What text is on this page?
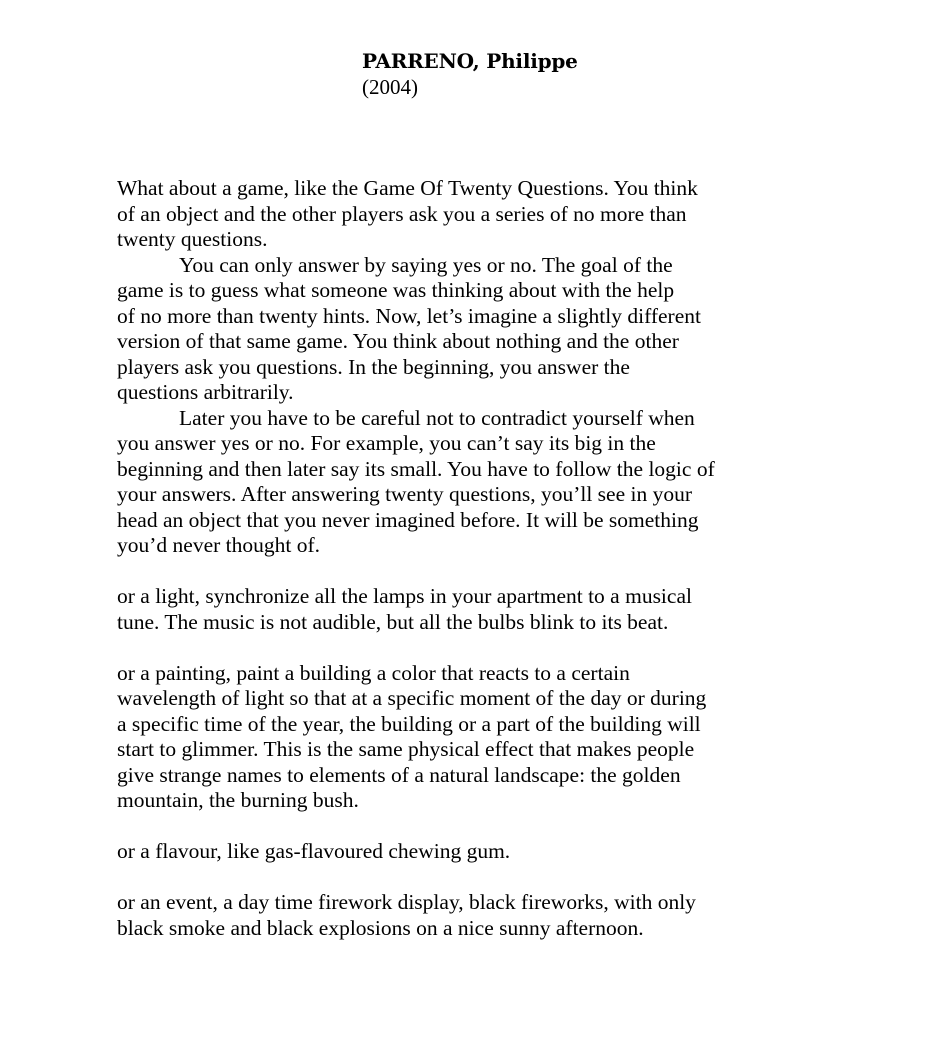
PARRENO, Philippe
(2004)

What about a game, like the Game Of Twenty Questions. You think
of an object and the other players ask you a series of no more than
twenty questions.

You can only answer by saying yes or no. The goal of the
game is to guess what someone was thinking about with the help
of no more than twenty hints. Now, let’s imagine a slightly different
version of that same game. You think about nothing and the other
players ask you questions. In the beginning, you answer the
questions arbitrarily.

Later you have to be careful not to contradict yourself when
you answer yes or no. For example, you can’t say its big in the
beginning and then later say its small. You have to follow the logic of
your answers. After answering twenty questions, you’ll see in your
head an object that you never imagined before. It will be something
you’d never thought of.

or a light, synchronize all the lamps in your apartment to a musical
tune. The music is not audible, but all the bulbs blink to its beat.

or a painting, paint a building a color that reacts to a certain
wavelength of light so that at a specific moment of the day or during
a specific time of the year, the building or a part of the building will
start to glimmer. This is the same physical effect that makes people
give strange names to elements of a natural landscape: the golden
mountain, the burning bush.

or a flavour, like gas-flavoured chewing gum.

or an event, a day time firework display, black fireworks, with only
black smoke and black explosions on a nice sunny afternoon.
